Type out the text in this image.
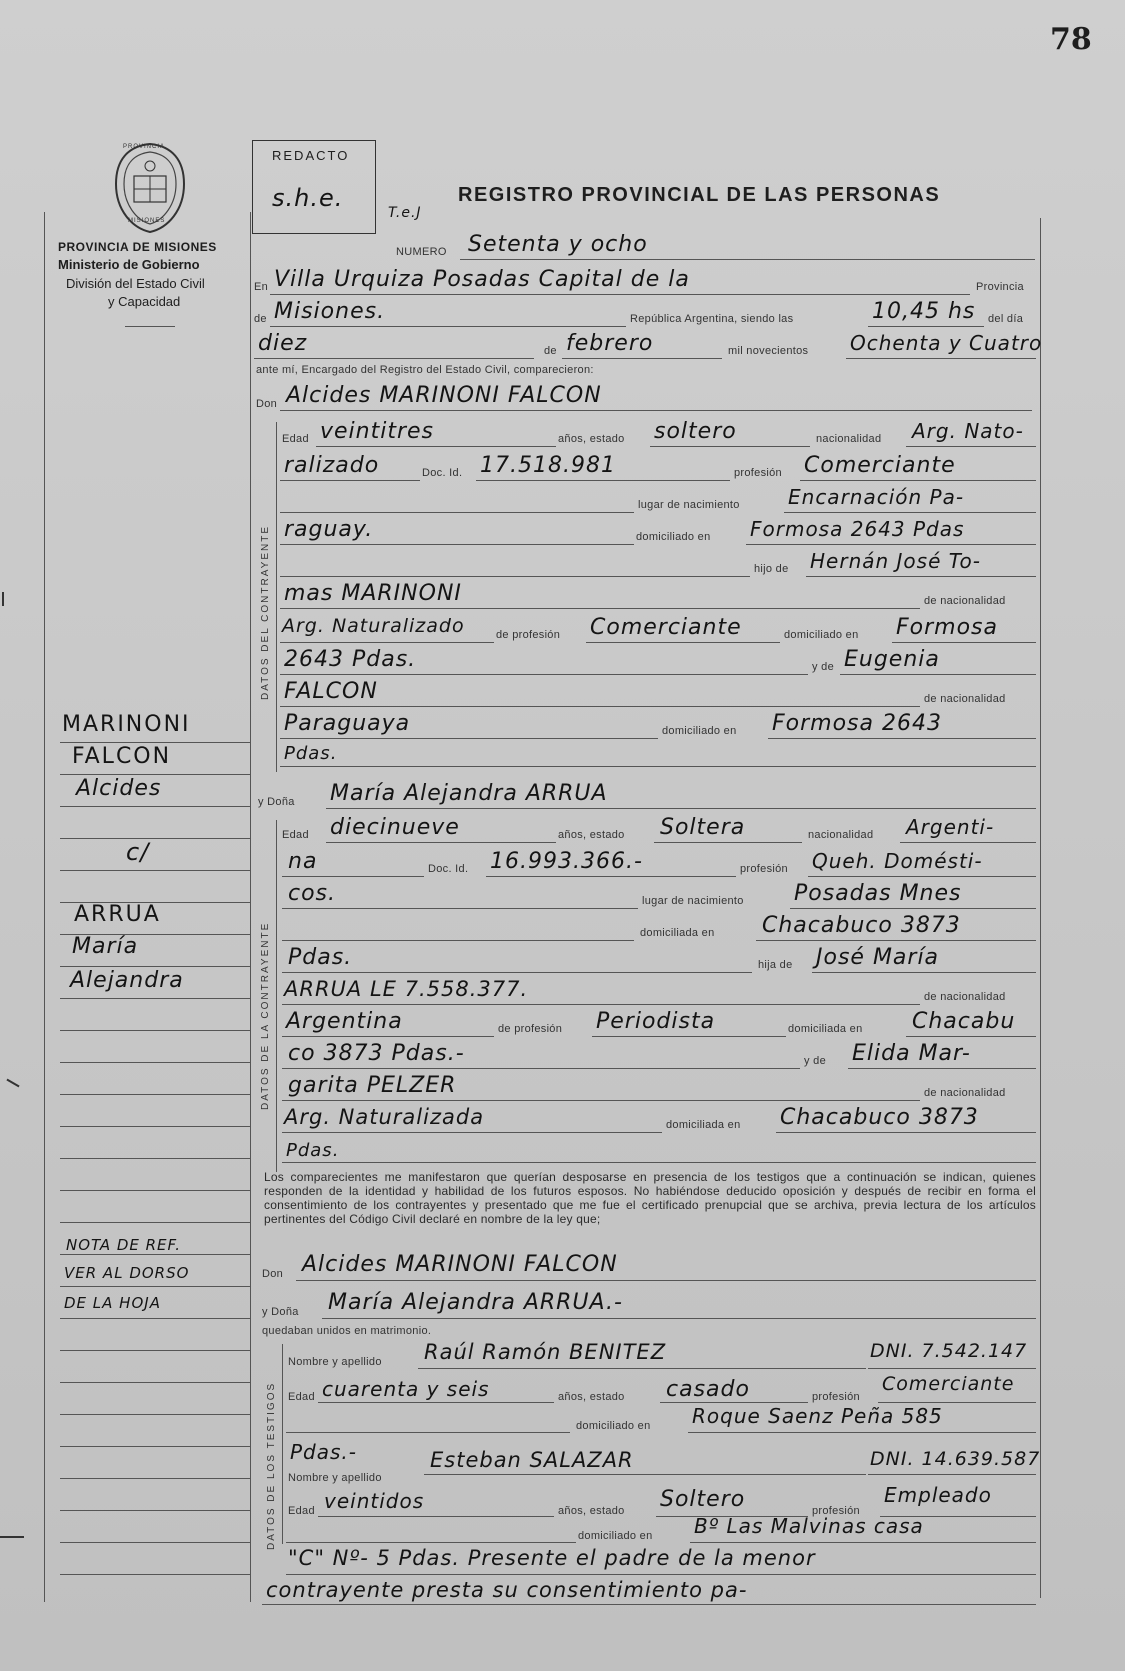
78
PROVINCIA
MISIONES
PROVINCIA DE MISIONES
Ministerio de Gobierno
División del Estado Civil
y Capacidad
REDACTO
s.h.e.
T.e.J
REGISTRO PROVINCIAL DE LAS PERSONAS
NUMERO Setenta y ocho
En Villa Urquiza Posadas Capital de la	Provincia
de Misiones.	República Argentina, siendo las	10,45 hs del día
diez	de febrero	mil novecientos Ochenta y Cuatro
ante mí, Encargado del Registro del Estado Civil, comparecieron:
Don Alcides MARINONI FALCON
DATOS DEL CONTRAYENTE
Edad veintitres	años, estado soltero	nacionalidad Arg. Nato-
ralizado	Doc. Id. 17.518.981	profesión Comerciante
lugar de nacimiento Encarnación Pa-
raguay.	domiciliado en Formosa 2643 Pdas
hijo de Hernán José To-
mas MARINONI	de nacionalidad
Arg. Naturalizado	de profesión Comerciante	domiciliado en Formosa
2643 Pdas.	y de Eugenia
FALCON	de nacionalidad
Paraguaya	domiciliado en Formosa 2643
Pdas.
y Doña María Alejandra ARRUA
DATOS DE LA CONTRAYENTE
Edad diecinueve	años, estado Soltera	nacionalidad Argenti-
na	Doc. Id. 16.993.366.-	profesión Queh. Domésti-
cos.	lugar de nacimiento Posadas Mnes
domiciliada en Chacabuco 3873
Pdas.	hija de José María
ARRUA LE 7.558.377.	de nacionalidad
Argentina	de profesión Periodista	domiciliada en Chacabu
co 3873 Pdas.-	y de Elida Mar-
garita PELZER	de nacionalidad
Arg. Naturalizada	domiciliada en Chacabuco 3873
Pdas.
Los comparecientes me manifestaron que querían desposarse en presencia de los testigos que a continuación se indican, quienes responden de la identidad y habilidad de los futuros esposos. No habiéndose deducido oposición y después de recibir en forma el consentimiento de los contrayentes y presentado que me fue el certificado prenupcial que se archiva, previa lectura de los artículos pertinentes del Código Civil declaré en nombre de la ley que;
Don Alcides MARINONI FALCON
y Doña María Alejandra ARRUA.-
quedaban unidos en matrimonio.
DATOS DE LOS TESTIGOS
Nombre y apellido Raúl Ramón BENITEZ	DNI. 7.542.147
Edad cuarenta y seis	años, estado casado	profesión
Comerciante
domiciliado en Roque Saenz Peña 585
Pdas.-
Nombre y apellido
Esteban SALAZAR	DNI. 14.639.587
Edad veintidos	años, estado Soltero	profesión
Empleado
domiciliado en Bº Las Malvinas casa
"C" Nº- 5 Pdas. Presente el padre de la menor
contrayente presta su consentimiento pa-
MARINONI
FALCON
Alcides
c/
ARRUA
María
Alejandra
NOTA DE REF.
VER AL DORSO
DE LA HOJA
